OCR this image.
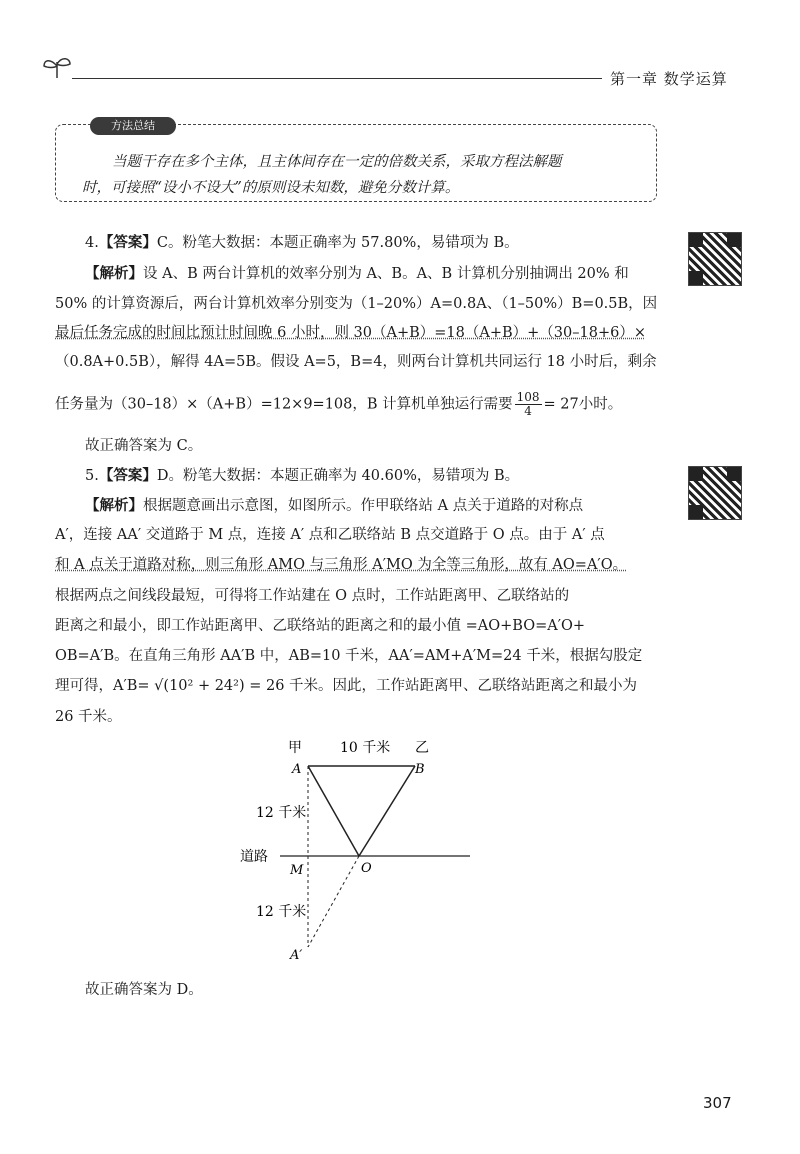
第一章 数学运算
方法总结
当题干存在多个主体，且主体间存在一定的倍数关系，采取方程法解题
时，可接照“设小不设大”的原则设未知数，避免分数计算。
4.【答案】C。粉笔大数据：本题正确率为 57.80%，易错项为 B。
【解析】设 A、B 两台计算机的效率分别为 A、B。A、B 计算机分别抽调出 20% 和
50% 的计算资源后，两台计算机效率分别变为（1–20%）A=0.8A、（1–50%）B=0.5B，因
最后任务完成的时间比预计时间晚 6 小时，则 30（A+B）=18（A+B）+（30–18+6）×
（0.8A+0.5B），解得 4A=5B。假设 A=5，B=4，则两台计算机共同运行 18 小时后，剩余
任务量为（30–18）×（A+B）=12×9=108，B 计算机单独运行需要 $\frac{108}{4} = 27$小时。
故正确答案为 C。
5.【答案】D。粉笔大数据：本题正确率为 40.60%，易错项为 B。
【解析】根据题意画出示意图，如图所示。作甲联络站 A 点关于道路的对称点
A′，连接 AA′ 交道路于 M 点，连接 A′ 点和乙联络站 B 点交道路于 O 点。由于 A′ 点
和 A 点关于道路对称，则三角形 AMO 与三角形 A′MO 为全等三角形，故有 AO=A′O。
根据两点之间线段最短，可得将工作站建在 O 点时，工作站距离甲、乙联络站的
距离之和最小，即工作站距离甲、乙联络站的距离之和的最小值 =AO+BO=A′O+
OB=A′B。在直角三角形 AA′B 中，AB=10 千米，AA′=AM+A′M=24 千米，根据勾股定
理可得，A′B= √(10² + 24²) = 26 千米。因此，工作站距离甲、乙联络站距离之和最小为
26 千米。
甲	10 千米 乙
A	B
12 千米
道路
M	O
12 千米
A′
故正确答案为 D。
307
